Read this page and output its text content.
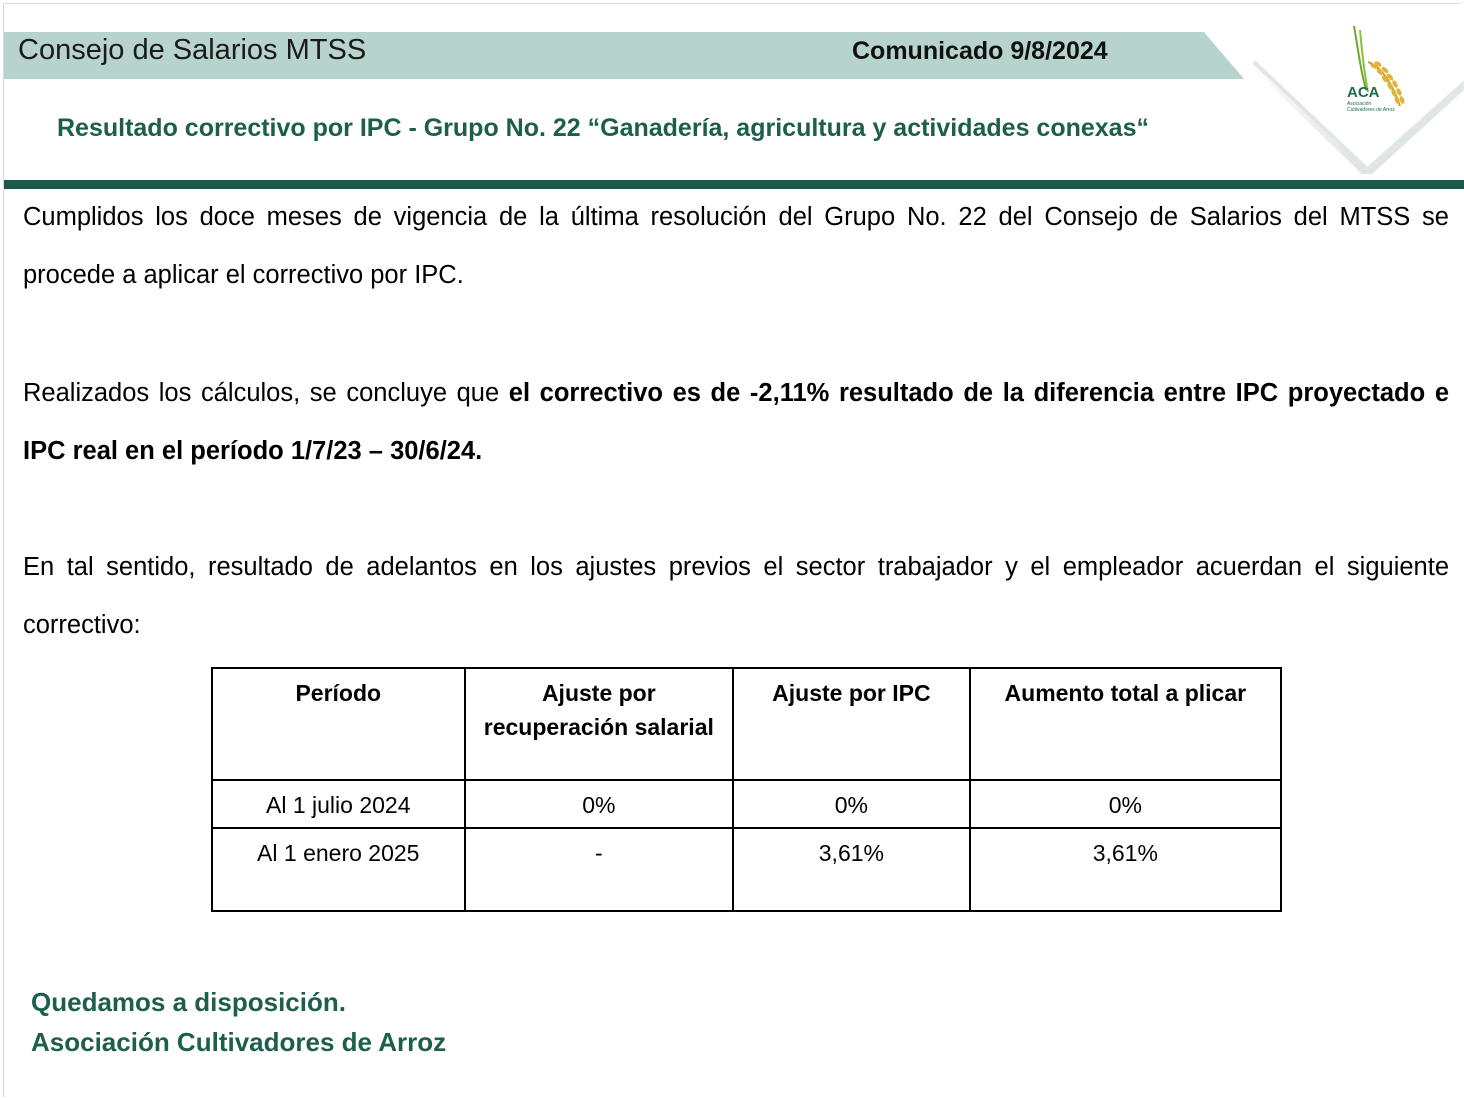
Consejo de Salarios MTSS	Comunicado 9/8/2024
ACA
Asociación
Cultivadores de Arroz
Resultado correctivo por IPC - Grupo No. 22 “Ganadería, agricultura y actividades conexas“

Cumplidos los doce meses de vigencia de la última resolución del Grupo No. 22 del Consejo de Salarios del MTSS se procede a aplicar el correctivo por IPC.

Realizados los cálculos, se concluye que el correctivo es de -2,11% resultado de la diferencia entre IPC proyectado e IPC real en el período 1/7/23 – 30/6/24.

En tal sentido, resultado de adelantos en los ajustes previos el sector trabajador y el empleador acuerdan el siguiente correctivo:

Período	Ajuste por recuperación salarial	Ajuste por IPC	Aumento total a plicar
Al 1 julio 2024	0%	0%	0%
Al 1 enero 2025	-	3,61%	3,61%
Quedamos a disposición.
Asociación Cultivadores de Arroz
